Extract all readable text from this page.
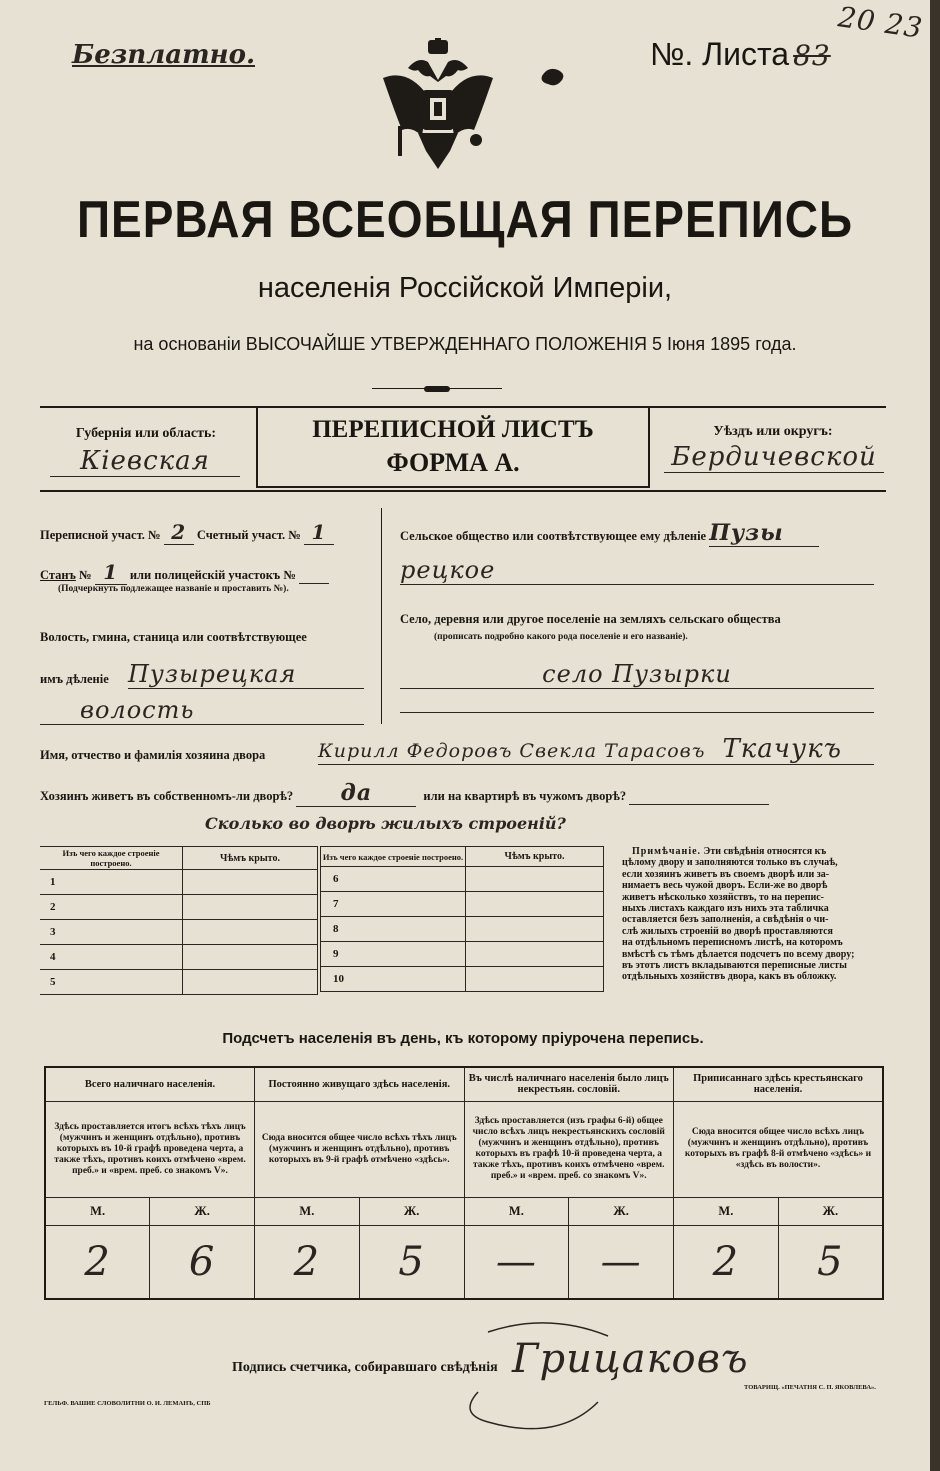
Безплатно.	№. Листа 83
20 23
ПЕРВАЯ ВСЕОБЩАЯ ПЕРЕПИСЬ
населенія Россійской Имперіи,
на основаніи ВЫСОЧАЙШЕ УТВЕРЖДЕННАГО ПОЛОЖЕНІЯ 5 Іюня 1895 года.
Губернія или область:
Кіевская
ПЕРЕПИСНОЙ ЛИСТЪ
ФОРМА А.
Уѣздъ или округъ:
Бердичевской
Переписной участ. № 2 Счетный участ. № 1
Станъ № 1 или полицейскій участокъ №
(Подчеркнуть подлежащее названіе и проставить №).
Волость, гмина, станица или соотвѣтствующее
имъ дѣленіе Пузырецкая
волость
Сельское общество или соотвѣтствующее ему дѣленіе Пузы
рецкое
Село, деревня или другое поселеніе на земляхъ сельскаго общества
(прописать подробно какого рода поселеніе и его названіе).
село Пузырки
Имя, отчество и фамилія хозяина двора	Кирилл Федоровъ Свекла Тарасовъ Ткачукъ
Хозяинъ живетъ въ собственномъ-ли дворѣ? да	или на квартирѣ въ чужомъ дворѣ?
Сколько во дворѣ жилыхъ строеній?
Изъ чего каждое строеніе построено.	Чѣмъ крыто.
1	
2	
3	
4	
5	
Изъ чего каждое строеніе построено.	Чѣмъ крыто.
6	
7	
8	
9	
10	
Примѣчаніе. Эти свѣдѣнія относятся къ
цѣлому двору и заполняются только въ случаѣ,
если хозяинъ живетъ въ своемъ дворѣ или за-
нимаетъ весь чужой дворъ. Если-же во дворѣ
живетъ нѣсколько хозяйствъ, то на перепис-
ныхъ листахъ каждаго изъ нихъ эта табличка
оставляется безъ заполненія, а свѣдѣнія о чи-
слѣ жилыхъ строеній во дворѣ проставляются
на отдѣльномъ переписномъ листѣ, на которомъ
вмѣстѣ съ тѣмъ дѣлается подсчетъ по всему двору;
въ этотъ листъ вкладываются переписные листы
отдѣльныхъ хозяйствъ двора, какъ въ обложку.
Подсчетъ населенія въ день, къ которому пріурочена перепись.
Всего наличнаго населенія.		Постоянно живущаго здѣсь населенія.		Въ числѣ наличнаго населенія было лицъ некрестьян. сословій.		Приписаннаго здѣсь крестьянскаго населенія.	
Здѣсь проставляется итогъ всѣхъ тѣхъ лицъ (мужчинъ и женщинъ отдѣльно), противъ которыхъ въ 10-й графѣ проведена черта, а также тѣхъ, противъ коихъ отмѣчено «врем. преб.» и «врем. преб. со знакомъ V».		Сюда вносится общее число всѣхъ тѣхъ лицъ (мужчинъ и женщинъ отдѣльно), противъ которыхъ въ 9-й графѣ отмѣчено «здѣсь».		Здѣсь проставляется (изъ графы 6-й) общее число всѣхъ лицъ некрестьянскихъ сословій (мужчинъ и женщинъ отдѣльно), противъ которыхъ въ графѣ 10-й проведена черта, а также тѣхъ, противъ коихъ отмѣчено «врем. преб.» и «врем. преб. со знакомъ V».		Сюда вносится общее число всѣхъ лицъ (мужчинъ и женщинъ отдѣльно), противъ которыхъ въ графѣ 8-й отмѣчено «здѣсь» и «здѣсь въ волости».	
М.	Ж.	М.	Ж.	М.	Ж.	М.	Ж.
2	6	2	5	—	—	2	5
Подпись счетчика, собиравшаго свѣдѣнія Грицаковъ
ГЕЛЬФ. ВАШИЕ СЛОВОЛИТНИ О. И. ЛЕМАНЪ, СПБ
ТОВАРИЩ. «ПЕЧАТНЯ С. П. ЯКОВЛЕВА».
